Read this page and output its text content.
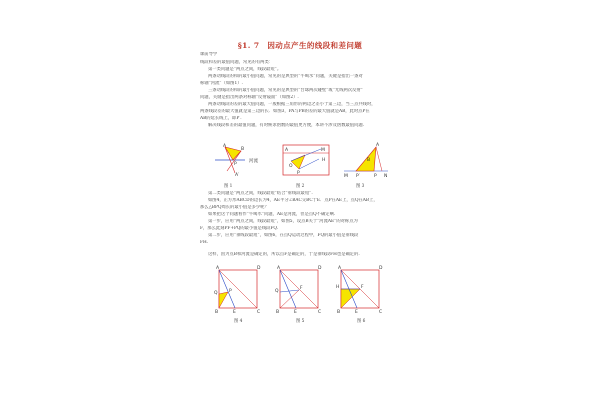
§1. 7　因动点产生的线段和差问题
课前导学
线段和差的最值问题，常见的有两类：
第一类问题是“两点之间，线段最短”。
两条动线段的和的最小值问题，常见的是典型的“牛喝水”问题，关键是指出一条对
称轴“河流”（如图1）.
三条动线段的和的最小值问题，常见的是典型的“台球两次碰壁”或“光线两次反射”
问题，关键是指出两条对称轴“反射镜面”（如图2）.
两条动线段的差的最大值问题，一般根据三角形的两边之差小于第三边，当三点共线时，
两条线段差的最大值就是第三边的长．如图3，PA与PB的差的最大值就是AB，此时点P在
AB的延长线上，即P′.
解决线段和差的最值问题，有时候求函数的最值更方便，本讲不涉及函数最值问题.
A
B
P
A′
河流
A	M
H
O
P
A
B
M P′	P N
图 1	图 2	图 3
第二类问题是“两点之间，线段最短”结合“垂线段最短”.
如图4，正方形ABCD的边长为4，AE平分∠BAC交BC于E．点P在AE上，点Q在AB上，
那么△BPQ周长的最小值是多少呢？
如果把这个问题看作“牛喝水”问题，AE是河流，但是点Q不确定啊.
第一步，应用“两点之间，线段最短”，如图5，设点B关于“河流AE”的对称点为
F，那么此刻PF+PQ的最小值是线段FQ.
第二步，应用“垂线段最短”，如图6，在点Q运动过程中，FQ的最小值是垂线段
FH.
这样，因为点B和河流是确定的，所以点F是确定的，于是垂线段FH也是确定的.
A	D
B	E	C
P
Q
A	D
B	E	C
F
Q
A	D
B	E	C
F
H
图 4	图 5	图 6
